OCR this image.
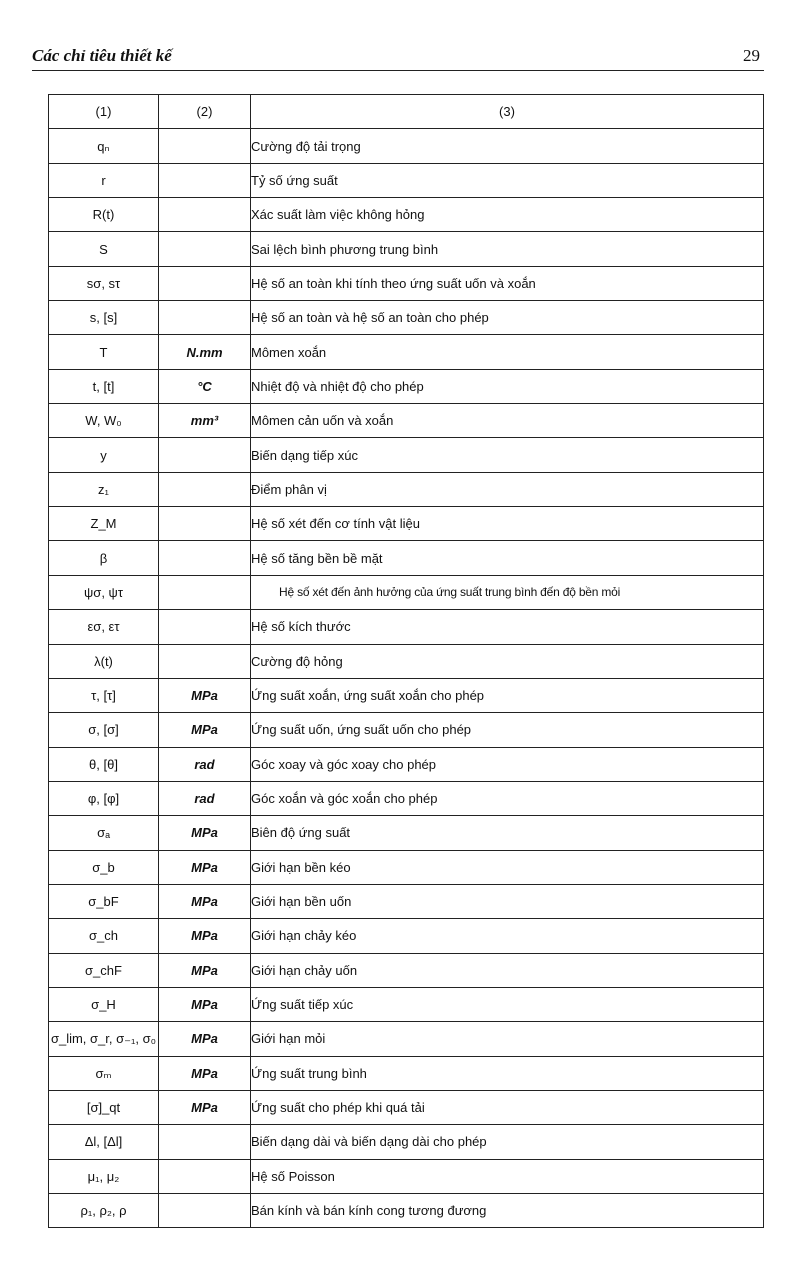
Các chỉ tiêu thiết kế	29
(1)	(2)	(3)
qₙ		Cường độ tải trọng
r		Tỷ số ứng suất
R(t)		Xác suất làm việc không hỏng
S		Sai lệch bình phương trung bình
sσ, sτ		Hệ số an toàn khi tính theo ứng suất uốn và xoắn
s, [s]		Hệ số an toàn và hệ số an toàn cho phép
T	N.mm	Mômen xoắn
t, [t]	°C	Nhiệt độ và nhiệt độ cho phép
W, W₀	mm³	Mômen cản uốn và xoắn
y		Biến dạng tiếp xúc
z₁		Điểm phân vị
Z_M		Hệ số xét đến cơ tính vật liệu
β		Hệ số tăng bền bề mặt
ψσ, ψτ		Hệ số xét đến ảnh hưởng của ứng suất trung bình đến độ bền mỏi
εσ, ετ		Hệ số kích thước
λ(t)		Cường độ hỏng
τ, [τ]	MPa	Ứng suất xoắn, ứng suất xoắn cho phép
σ, [σ]	MPa	Ứng suất uốn, ứng suất uốn cho phép
θ, [θ]	rad	Góc xoay và góc xoay cho phép
φ, [φ]	rad	Góc xoắn và góc xoắn cho phép
σₐ	MPa	Biên độ ứng suất
σ_b	MPa	Giới hạn bền kéo
σ_bF	MPa	Giới hạn bền uốn
σ_ch	MPa	Giới hạn chảy kéo
σ_chF	MPa	Giới hạn chảy uốn
σ_H	MPa	Ứng suất tiếp xúc
σ_lim, σ_r, σ₋₁, σ₀	MPa	Giới hạn mỏi
σₘ	MPa	Ứng suất trung bình
[σ]_qt	MPa	Ứng suất cho phép khi quá tải
Δl, [Δl]		Biến dạng dài và biến dạng dài cho phép
μ₁, μ₂		Hệ số Poisson
ρ₁, ρ₂, ρ		Bán kính và bán kính cong tương đương
